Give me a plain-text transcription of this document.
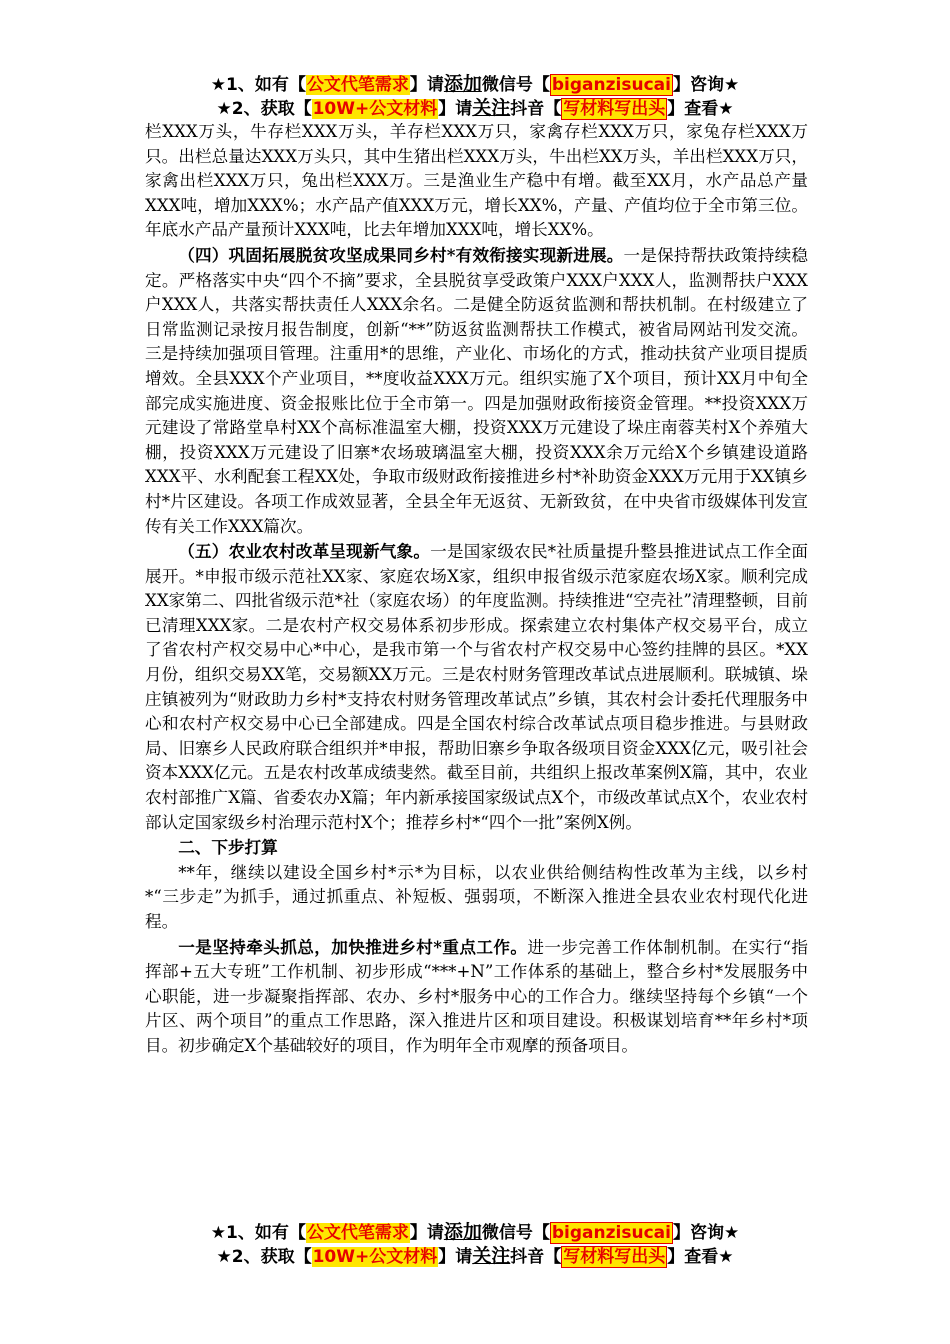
★1、如有【公文代笔需求】请添加微信号【 biganzisucai 】咨询★
★2、获取【10W+公文材料】请关注抖音【 写材料写出头 】查看★

栏XXX万头，牛存栏XXX万头，羊存栏XXX万只，家禽存栏XXX万只，家兔存栏XXX万只。出栏总量达XXX万头只，其中生猪出栏XXX万头，牛出栏XX万头，羊出栏XXX万只，家禽出栏XXX万只，兔出栏XXX万。三是渔业生产稳中有增。截至XX月，水产品总产量XXX吨，增加XXX%；水产品产值XXX万元，增长XX%，产量、产值均位于全市第三位。年底水产品产量预计XXX吨，比去年增加XXX吨，增长XX%。

（四）巩固拓展脱贫攻坚成果同乡村*有效衔接实现新进展。一是保持帮扶政策持续稳定。严格落实中央“四个不摘”要求，全县脱贫享受政策户XXX户XXX人，监测帮扶户XXX户XXX人，共落实帮扶责任人XXX余名。二是健全防返贫监测和帮扶机制。在村级建立了日常监测记录按月报告制度，创新“**”防返贫监测帮扶工作模式，被省局网站刊发交流。三是持续加强项目管理。注重用*的思维，产业化、市场化的方式，推动扶贫产业项目提质增效。全县XXX个产业项目，**度收益XXX万元。组织实施了X个项目，预计XX月中旬全部完成实施进度、资金报账比位于全市第一。四是加强财政衔接资金管理。**投资XXX万元建设了常路堂阜村XX个高标准温室大棚，投资XXX万元建设了垛庄南蓉芙村X个养殖大棚，投资XXX万元建设了旧寨*农场玻璃温室大棚，投资XXX余万元给X个乡镇建设道路XXX平、水利配套工程XX处，争取市级财政衔接推进乡村*补助资金XXX万元用于XX镇乡村*片区建设。各项工作成效显著，全县全年无返贫、无新致贫，在中央省市级媒体刊发宣传有关工作XXX篇次。

（五）农业农村改革呈现新气象。一是国家级农民*社质量提升整县推进试点工作全面展开。*申报市级示范社XX家、家庭农场X家，组织申报省级示范家庭农场X家。顺利完成XX家第二、四批省级示范*社（家庭农场）的年度监测。持续推进“空壳社”清理整顿，目前已清理XXX家。二是农村产权交易体系初步形成。探索建立农村集体产权交易平台，成立了省农村产权交易中心*中心，是我市第一个与省农村产权交易中心签约挂牌的县区。*XX月份，组织交易XX笔，交易额XX万元。三是农村财务管理改革试点进展顺利。联城镇、垛庄镇被列为“财政助力乡村*支持农村财务管理改革试点”乡镇，其农村会计委托代理服务中心和农村产权交易中心已全部建成。四是全国农村综合改革试点项目稳步推进。与县财政局、旧寨乡人民政府联合组织并*申报，帮助旧寨乡争取各级项目资金XXX亿元，吸引社会资本XXX亿元。五是农村改革成绩斐然。截至目前，共组织上报改革案例X篇，其中，农业农村部推广X篇、省委农办X篇；年内新承接国家级试点X个，市级改革试点X个，农业农村部认定国家级乡村治理示范村X个；推荐乡村*“四个一批”案例X例。

二、下步打算

**年，继续以建设全国乡村*示*为目标，以农业供给侧结构性改革为主线，以乡村*“三步走”为抓手，通过抓重点、补短板、强弱项，不断深入推进全县农业农村现代化进程。

一是坚持牵头抓总，加快推进乡村*重点工作。进一步完善工作体制机制。在实行“指挥部+五大专班”工作机制、初步形成“***+N”工作体系的基础上，整合乡村*发展服务中心职能，进一步凝聚指挥部、农办、乡村*服务中心的工作合力。继续坚持每个乡镇“一个片区、两个项目”的重点工作思路，深入推进片区和项目建设。积极谋划培育**年乡村*项目。初步确定X个基础较好的项目，作为明年全市观摩的预备项目。

★1、如有【公文代笔需求】请添加微信号【 biganzisucai 】咨询★
★2、获取【10W+公文材料】请关注抖音【 写材料写出头 】查看★
